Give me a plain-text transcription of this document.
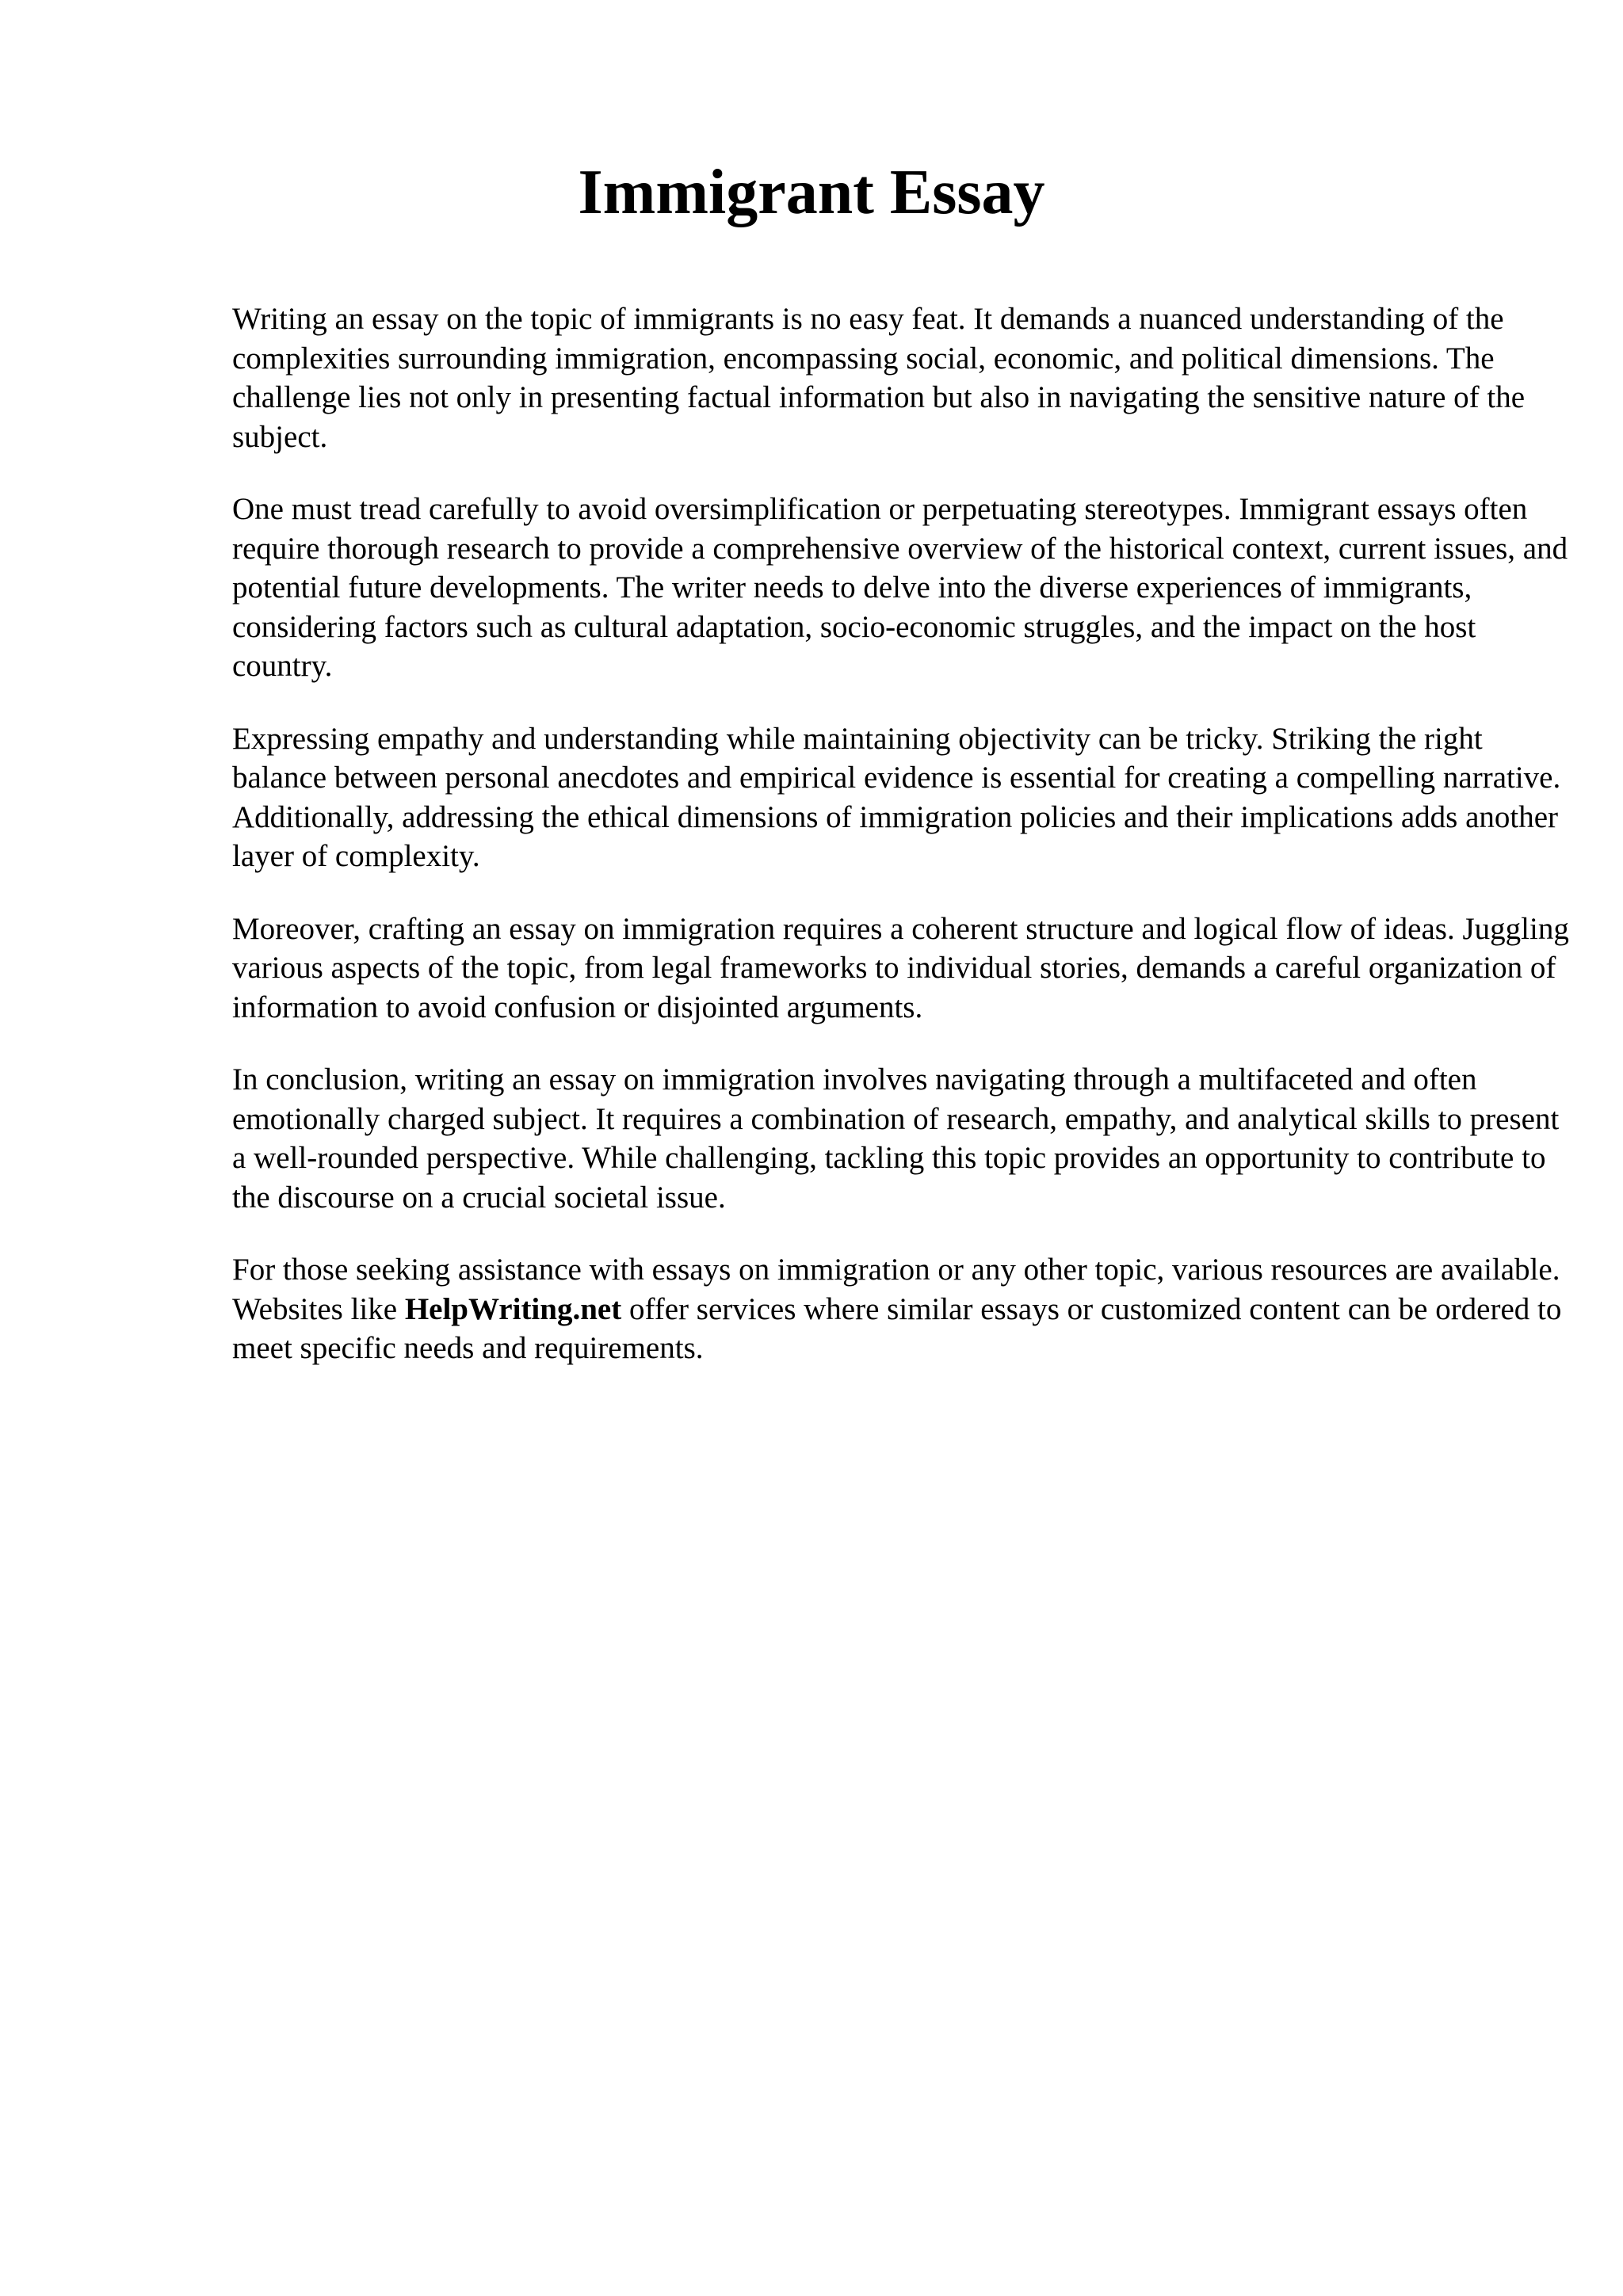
Immigrant Essay

Writing an essay on the topic of immigrants is no easy feat. It demands a nuanced understanding of the complexities surrounding immigration, encompassing social, economic, and political dimensions. The challenge lies not only in presenting factual information but also in navigating the sensitive nature of the subject.

One must tread carefully to avoid oversimplification or perpetuating stereotypes. Immigrant essays often require thorough research to provide a comprehensive overview of the historical context, current issues, and potential future developments. The writer needs to delve into the diverse experiences of immigrants, considering factors such as cultural adaptation, socio-economic struggles, and the impact on the host country.

Expressing empathy and understanding while maintaining objectivity can be tricky. Striking the right balance between personal anecdotes and empirical evidence is essential for creating a compelling narrative. Additionally, addressing the ethical dimensions of immigration policies and their implications adds another layer of complexity.

Moreover, crafting an essay on immigration requires a coherent structure and logical flow of ideas. Juggling various aspects of the topic, from legal frameworks to individual stories, demands a careful organization of information to avoid confusion or disjointed arguments.

In conclusion, writing an essay on immigration involves navigating through a multifaceted and often emotionally charged subject. It requires a combination of research, empathy, and analytical skills to present a well-rounded perspective. While challenging, tackling this topic provides an opportunity to contribute to the discourse on a crucial societal issue.

For those seeking assistance with essays on immigration or any other topic, various resources are available. Websites like HelpWriting.net offer services where similar essays or customized content can be ordered to meet specific needs and requirements.
